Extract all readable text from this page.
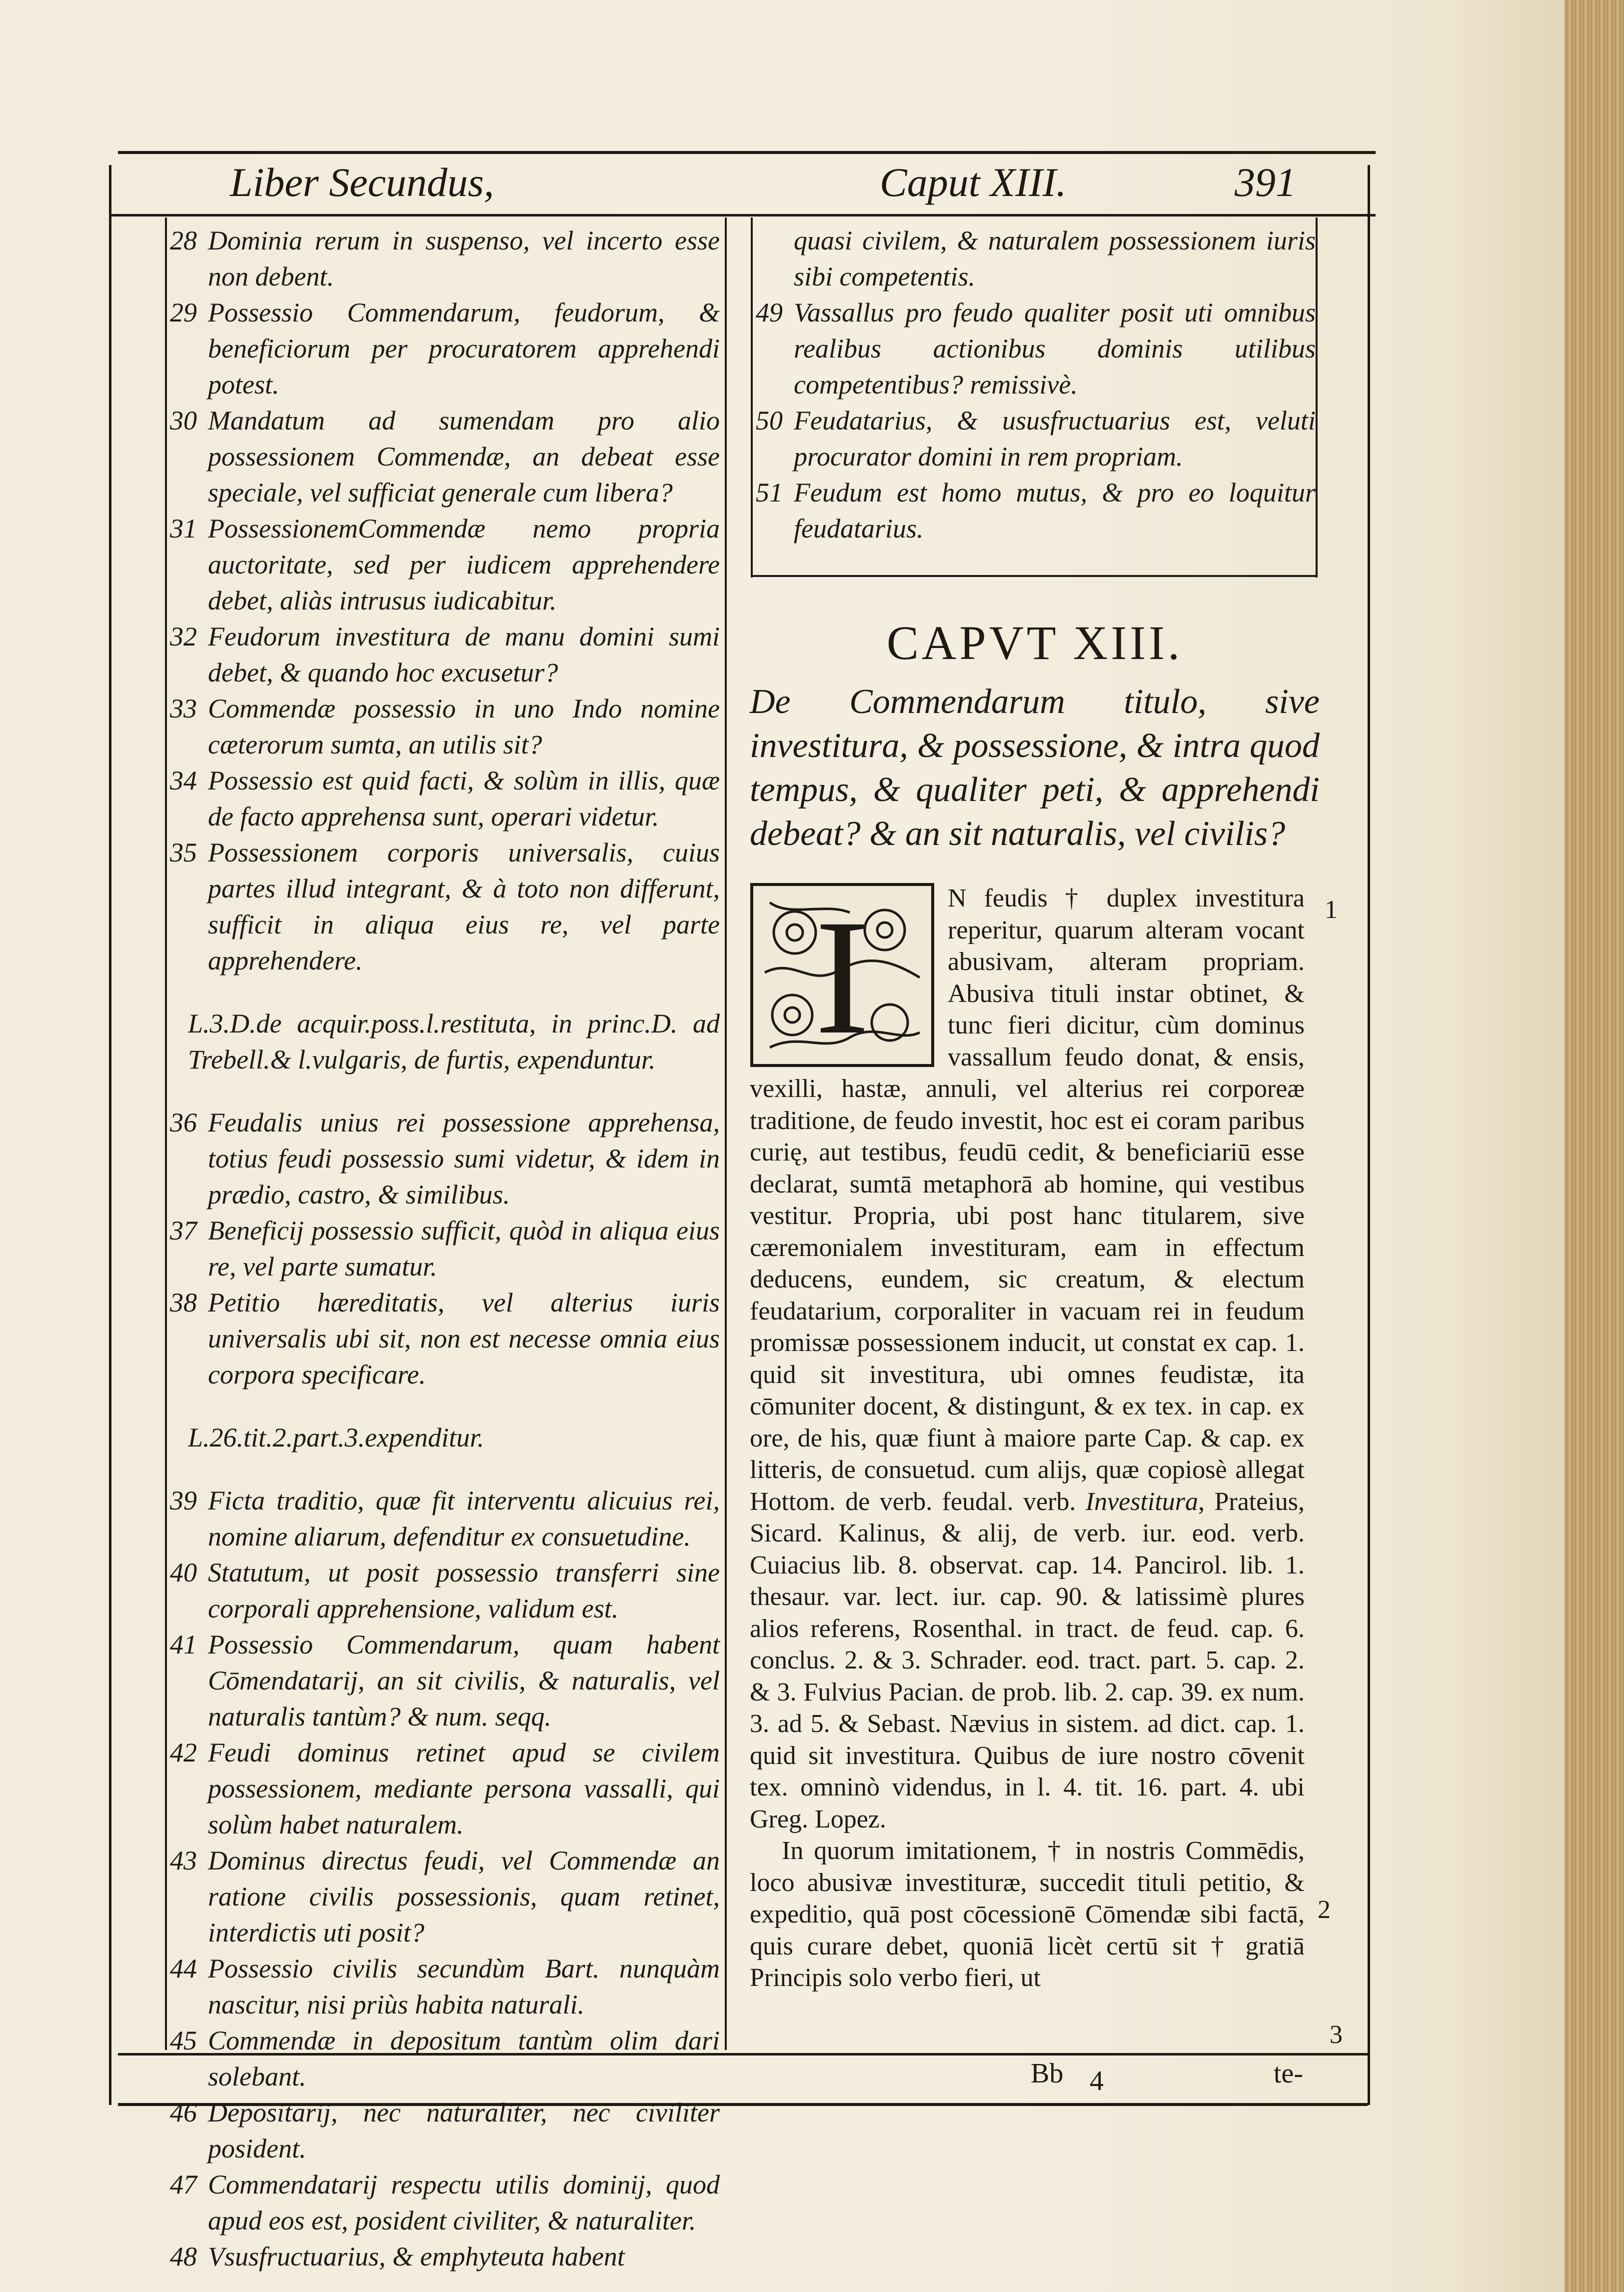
Liber Secundus,	Caput XIII.	391

28 Dominia rerum in suspenso, vel incerto esse non debent.

29 Possessio Commendarum, feudorum, & beneficiorum per procuratorem apprehendi potest.

30 Mandatum ad sumendam pro alio possessionem Commendæ, an debeat esse speciale, vel sufficiat generale cum libera?

31 PossessionemCommendæ nemo propria auctoritate, sed per iudicem apprehendere debet, aliàs intrusus iudicabitur.

32 Feudorum investitura de manu domini sumi debet, & quando hoc excusetur?

33 Commendæ possessio in uno Indo nomine cæterorum sumta, an utilis sit?

34 Possessio est quid facti, & solùm in illis, quæ de facto apprehensa sunt, operari videtur.

35 Possessionem corporis universalis, cuius partes illud integrant, & à toto non differunt, sufficit in aliqua eius re, vel parte apprehendere.

L.3.D.de acquir.poss.l.restituta, in princ.D. ad Trebell.& l.vulgaris, de furtis, expenduntur.

36 Feudalis unius rei possessione apprehensa, totius feudi possessio sumi videtur, & idem in prædio, castro, & similibus.

37 Beneficij possessio sufficit, quòd in aliqua eius re, vel parte sumatur.

38 Petitio hæreditatis, vel alterius iuris universalis ubi sit, non est necesse omnia eius corpora specificare.

L.26.tit.2.part.3.expenditur.

39 Ficta traditio, quæ fit interventu alicuius rei, nomine aliarum, defenditur ex consuetudine.

40 Statutum, ut posit possessio transferri sine corporali apprehensione, validum est.

41 Possessio Commendarum, quam habent Cōmendatarij, an sit civilis, & naturalis, vel naturalis tantùm? & num. seqq.

42 Feudi dominus retinet apud se civilem possessionem, mediante persona vassalli, qui solùm habet naturalem.

43 Dominus directus feudi, vel Commendæ an ratione civilis possessionis, quam retinet, interdictis uti posit?

44 Possessio civilis secundùm Bart. nunquàm nascitur, nisi priùs habita naturali.

45 Commendæ in depositum tantùm olim dari solebant.

46 Depositarij, nec naturaliter, nec civiliter posident.

47 Commendatarij respectu utilis dominij, quod apud eos est, posident civiliter, & naturaliter.

48 Vsusfructuarius, & emphyteuta habent

quasi civilem, & naturalem possessionem iuris sibi competentis.

49 Vassallus pro feudo qualiter posit uti omnibus realibus actionibus dominis utilibus competentibus? remissivè.

50 Feudatarius, & ususfructuarius est, veluti procurator domini in rem propriam.

51 Feudum est homo mutus, & pro eo loquitur feudatarius.

CAPVT XIII.
De Commendarum titulo, sive investitura, & possessione, & intra quod tempus, & qualiter peti, & apprehendi debeat? & an sit naturalis, vel civilis?
I	N feudis † duplex investitura reperitur, quarum alteram vocant abusivam, alteram propriam. Abusiva tituli instar obtinet, & tunc fieri dicitur, cùm dominus vassallum feudo donat, & ensis, vexilli, hastæ, annuli, vel alterius rei corporeæ traditione, de feudo investit, hoc est ei coram paribus curię, aut testibus, feudū cedit, & beneficiariū esse declarat, sumtā metaphorā ab homine, qui vestibus vestitur. Propria, ubi post hanc titularem, sive cæremonialem investituram, eam in effectum deducens, eundem, sic creatum, & electum feudatarium, corporaliter in vacuam rei in feudum promissæ possessionem inducit, ut constat ex cap. 1. quid sit investitura, ubi omnes feudistæ, ita cōmuniter docent, & distingunt, & ex tex. in cap. ex ore, de his, quæ fiunt à maiore parte Cap. & cap. ex litteris, de consuetud. cum alijs, quæ copiosè allegat Hottom. de verb. feudal. verb. Investitura, Prateius, Sicard. Kalinus, & alij, de verb. iur. eod. verb. Cuiacius lib. 8. observat. cap. 14. Pancirol. lib. 1. thesaur. var. lect. iur. cap. 90. & latissimè plures alios referens, Rosenthal. in tract. de feud. cap. 6. conclus. 2. & 3. Schrader. eod. tract. part. 5. cap. 2. & 3. Fulvius Pacian. de prob. lib. 2. cap. 39. ex num. 3. ad 5. & Sebast. Nævius in sistem. ad dict. cap. 1. quid sit investitura. Quibus de iure nostro cōvenit tex. omninò videndus, in l. 4. tit. 16. part. 4. ubi Greg. Lopez.

In quorum imitationem, † in nostris Commēdis, loco abusivæ investituræ, succedit tituli petitio, & expeditio, quā post cōcessionē Cōmendæ sibi factā, quis curare debet, quoniā licèt certū sit † gratiā Principis solo verbo fieri, ut

1
2
3
Bb 4	te-
